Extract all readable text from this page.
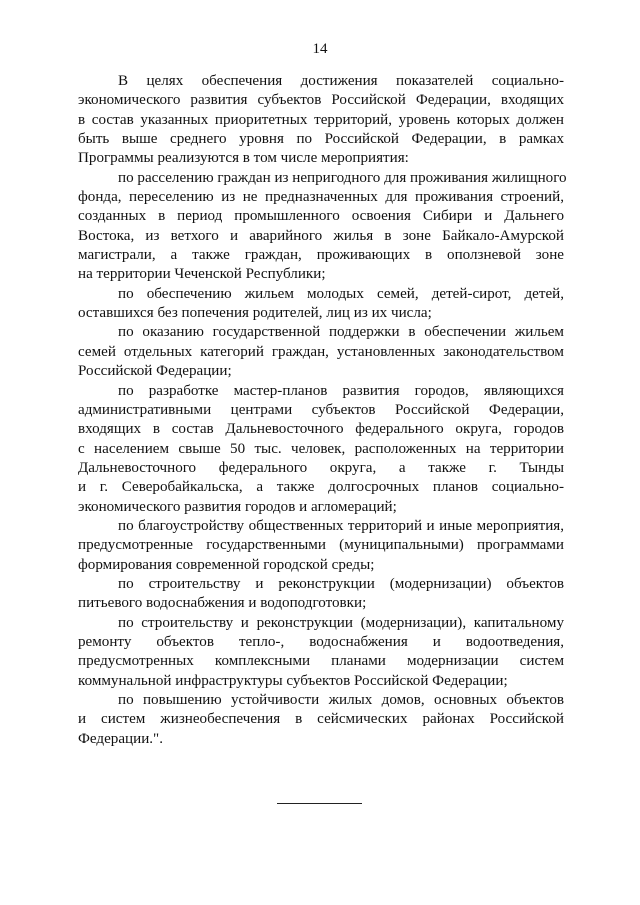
14
В целях обеспечения достижения показателей социально-
экономического развития субъектов Российской Федерации, входящих
в состав указанных приоритетных территорий, уровень которых должен
быть выше среднего уровня по Российской Федерации, в рамках
Программы реализуются в том числе мероприятия:
по расселению граждан из непригодного для проживания жилищного
фонда, переселению из не предназначенных для проживания строений,
созданных в период промышленного освоения Сибири и Дальнего
Востока, из ветхого и аварийного жилья в зоне Байкало-Амурской
магистрали, а также граждан, проживающих в оползневой зоне
на территории Чеченской Республики;
по обеспечению жильем молодых семей, детей-сирот, детей,
оставшихся без попечения родителей, лиц из их числа;
по оказанию государственной поддержки в обеспечении жильем
семей отдельных категорий граждан, установленных законодательством
Российской Федерации;
по разработке мастер-планов развития городов, являющихся
административными центрами субъектов Российской Федерации,
входящих в состав Дальневосточного федерального округа, городов
с населением свыше 50 тыс. человек, расположенных на территории
Дальневосточного федерального округа, а также г. Тынды
и г. Северобайкальска, а также долгосрочных планов социально-
экономического развития городов и агломераций;
по благоустройству общественных территорий и иные мероприятия,
предусмотренные государственными (муниципальными) программами
формирования современной городской среды;
по строительству и реконструкции (модернизации) объектов
питьевого водоснабжения и водоподготовки;
по строительству и реконструкции (модернизации), капитальному
ремонту объектов тепло-, водоснабжения и водоотведения,
предусмотренных комплексными планами модернизации систем
коммунальной инфраструктуры субъектов Российской Федерации;
по повышению устойчивости жилых домов, основных объектов
и систем жизнеобеспечения в сейсмических районах Российской
Федерации.".
